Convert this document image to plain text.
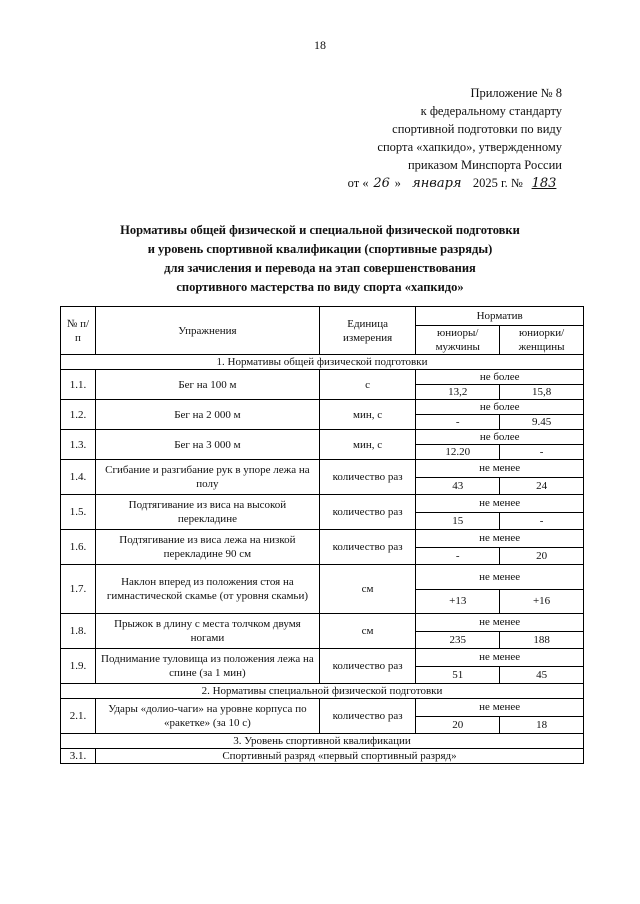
18
Приложение № 8
к федеральному стандарту
спортивной подготовки по виду
спорта «хапкидо», утвержденному
приказом Минспорта России
от « 26 » января 2025 г. № 183
Нормативы общей физической и специальной физической подготовки
и уровень спортивной квалификации (спортивные разряды)
для зачисления и перевода на этап совершенствования
спортивного мастерства по виду спорта «хапкидо»
№ п/п	Упражнения	Единица измерения	Норматив	
			юниоры/ мужчины	юниорки/ женщины
1. Нормативы общей физической подготовки				
1.1.	Бег на 100 м	с	не более	
			13,2	15,8
1.2.	Бег на 2 000 м	мин, с	не более	
			-	9.45
1.3.	Бег на 3 000 м	мин, с	не более	
			12.20	-
1.4.	Сгибание и разгибание рук в упоре лежа на полу	количество раз	не менее	
			43	24
1.5.	Подтягивание из виса на высокой перекладине	количество раз	не менее	
			15	-
1.6.	Подтягивание из виса лежа на низкой перекладине 90 см	количество раз	не менее	
			-	20
1.7.	Наклон вперед из положения стоя на гимнастической скамье (от уровня скамьи)	см	не менее	
			+13	+16
1.8.	Прыжок в длину с места толчком двумя ногами	см	не менее	
			235	188
1.9.	Поднимание туловища из положения лежа на спине (за 1 мин)	количество раз	не менее	
			51	45
2. Нормативы специальной физической подготовки				
2.1.	Удары «долио-чаги» на уровне корпуса по «ракетке» (за 10 с)	количество раз	не менее	
			20	18
3. Уровень спортивной квалификации				
3.1.	Спортивный разряд «первый спортивный разряд»			
